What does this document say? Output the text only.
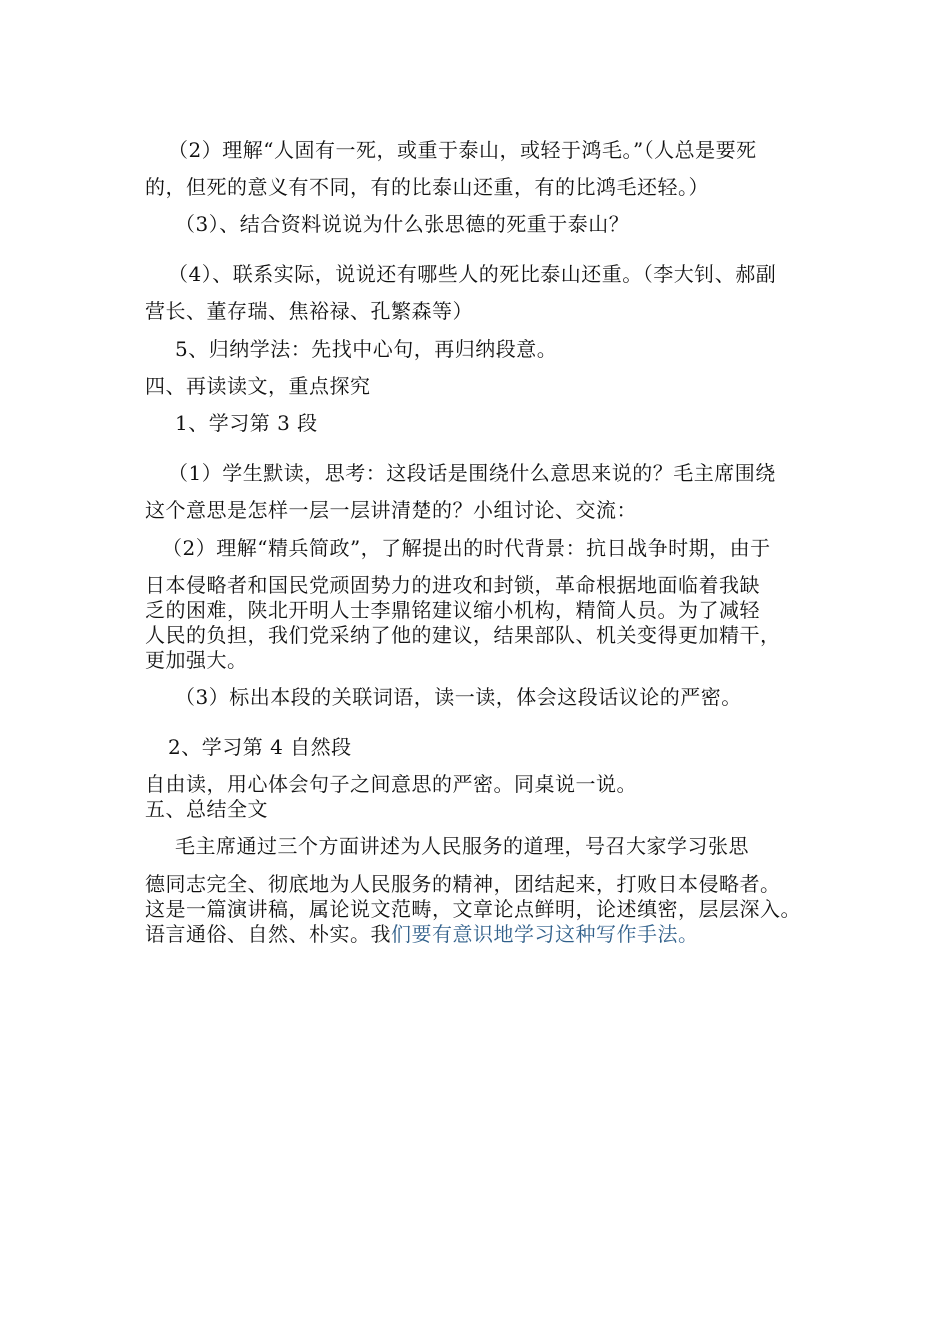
（2）理解“人固有一死，或重于泰山，或轻于鸿毛。”（人总是要死
的，但死的意义有不同，有的比泰山还重，有的比鸿毛还轻。）
（3）、结合资料说说为什么张思德的死重于泰山？
（4）、联系实际，说说还有哪些人的死比泰山还重。（李大钊、郝副
营长、董存瑞、焦裕禄、孔繁森等）
5、归纳学法：先找中心句，再归纳段意。
四、再读读文，重点探究
1、学习第 3 段
（1）学生默读，思考：这段话是围绕什么意思来说的？毛主席围绕
这个意思是怎样一层一层讲清楚的？小组讨论、交流：
（2）理解“精兵简政”，了解提出的时代背景：抗日战争时期，由于
日本侵略者和国民党顽固势力的进攻和封锁，革命根据地面临着我缺
乏的困难，陕北开明人士李鼎铭建议缩小机构，精简人员。为了减轻
人民的负担，我们党采纳了他的建议，结果部队、机关变得更加精干，
更加强大。
（3）标出本段的关联词语，读一读，体会这段话议论的严密。
2、学习第 4 自然段
自由读，用心体会句子之间意思的严密。同桌说一说。
五、总结全文
毛主席通过三个方面讲述为人民服务的道理，号召大家学习张思
德同志完全、彻底地为人民服务的精神，团结起来，打败日本侵略者。
这是一篇演讲稿，属论说文范畴，文章论点鲜明，论述缜密，层层深入。
语言通俗、自然、朴实。我们要有意识地学习这种写作手法。
